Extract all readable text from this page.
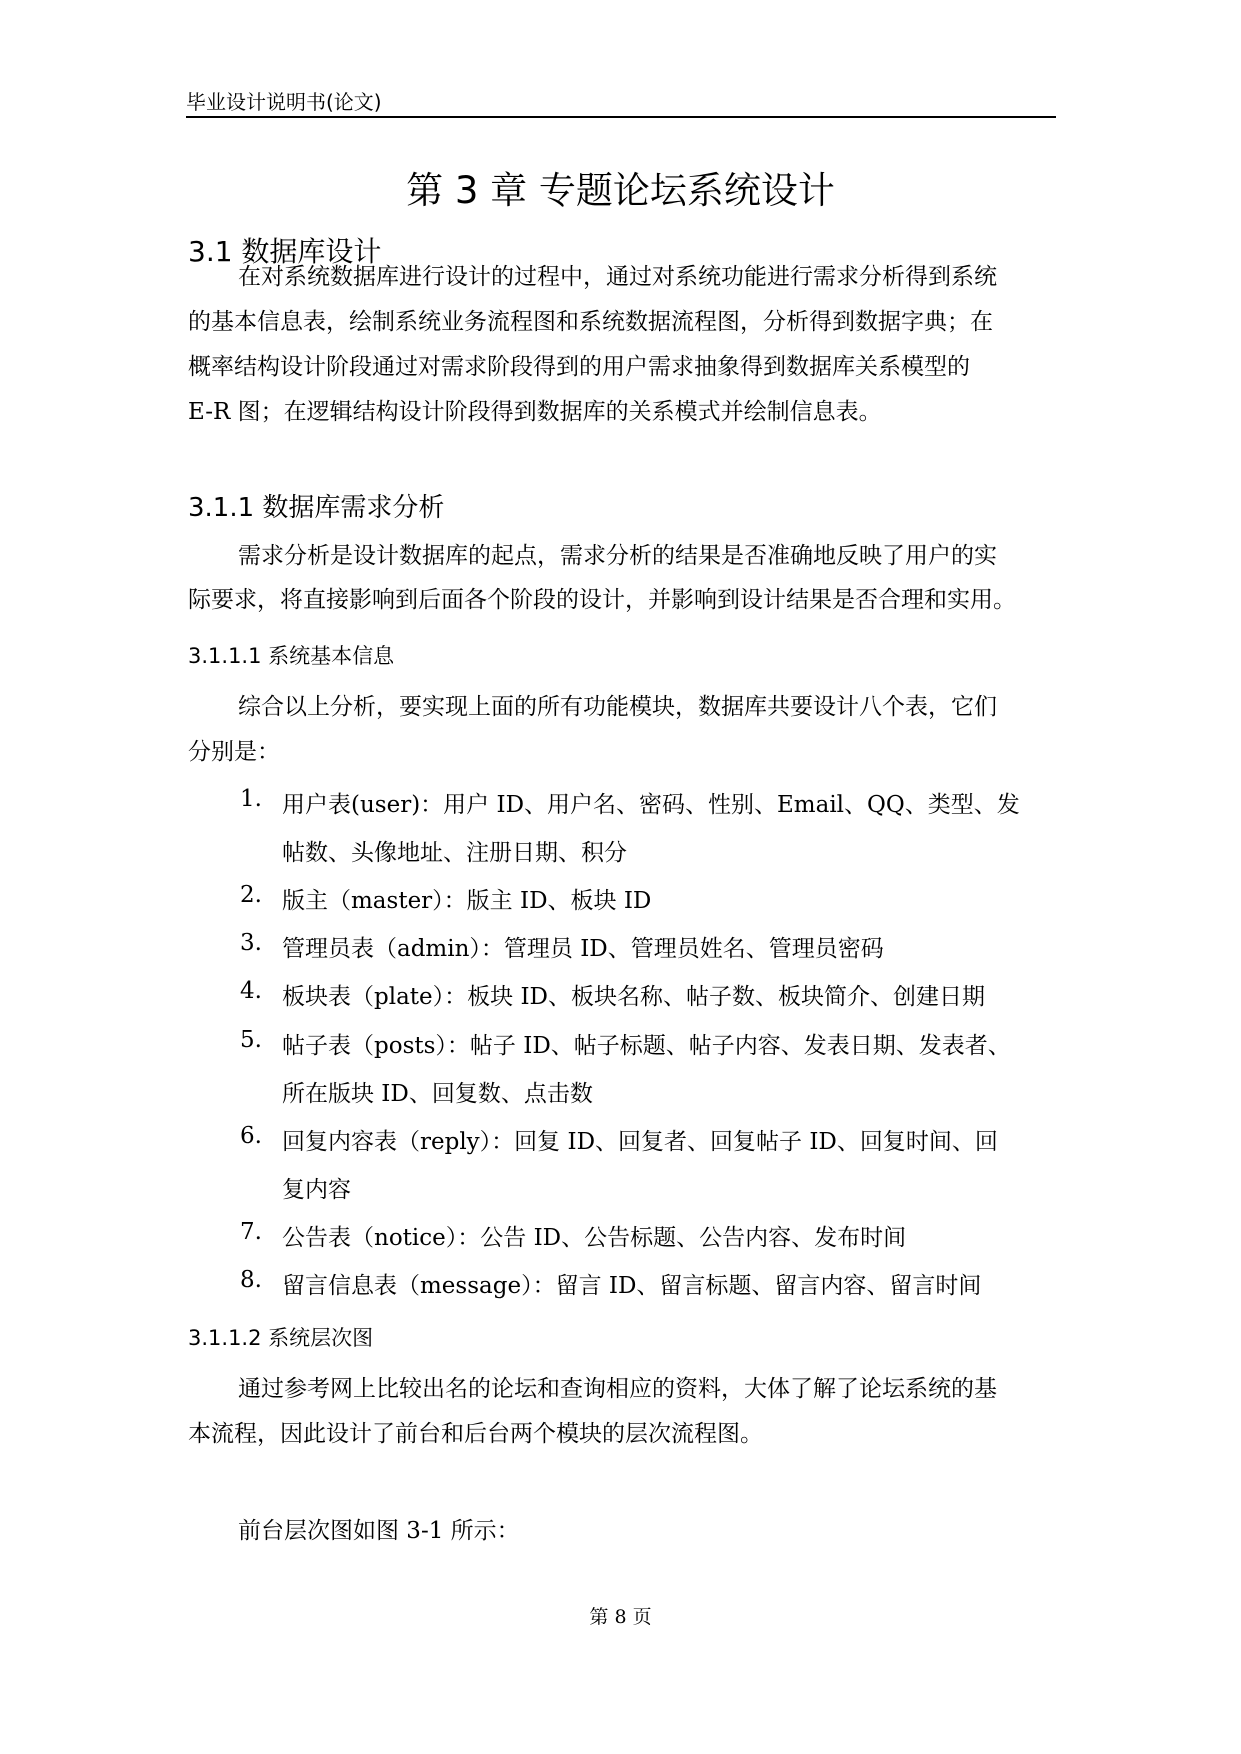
毕业设计说明书(论文)
第 3 章 专题论坛系统设计
3.1 数据库设计
在对系统数据库进行设计的过程中，通过对系统功能进行需求分析得到系统
的基本信息表，绘制系统业务流程图和系统数据流程图，分析得到数据字典；在
概率结构设计阶段通过对需求阶段得到的用户需求抽象得到数据库关系模型的
E-R 图；在逻辑结构设计阶段得到数据库的关系模式并绘制信息表。
3.1.1 数据库需求分析
需求分析是设计数据库的起点，需求分析的结果是否准确地反映了用户的实
际要求，将直接影响到后面各个阶段的设计，并影响到设计结果是否合理和实用。
3.1.1.1 系统基本信息
综合以上分析，要实现上面的所有功能模块，数据库共要设计八个表，它们
分别是：
1. 用户表(user)：用户 ID、用户名、密码、性别、Email、QQ、类型、发
帖数、头像地址、注册日期、积分
2. 版主（master）：版主 ID、板块 ID
3. 管理员表（admin）：管理员 ID、管理员姓名、管理员密码
4. 板块表（plate）：板块 ID、板块名称、帖子数、板块简介、创建日期
5. 帖子表（posts）：帖子 ID、帖子标题、帖子内容、发表日期、发表者、
所在版块 ID、回复数、点击数
6. 回复内容表（reply）：回复 ID、回复者、回复帖子 ID、回复时间、回
复内容
7. 公告表（notice）：公告 ID、公告标题、公告内容、发布时间
8. 留言信息表（message）：留言 ID、留言标题、留言内容、留言时间
3.1.1.2 系统层次图
通过参考网上比较出名的论坛和查询相应的资料，大体了解了论坛系统的基
本流程，因此设计了前台和后台两个模块的层次流程图。
前台层次图如图 3-1 所示：
第 8 页
